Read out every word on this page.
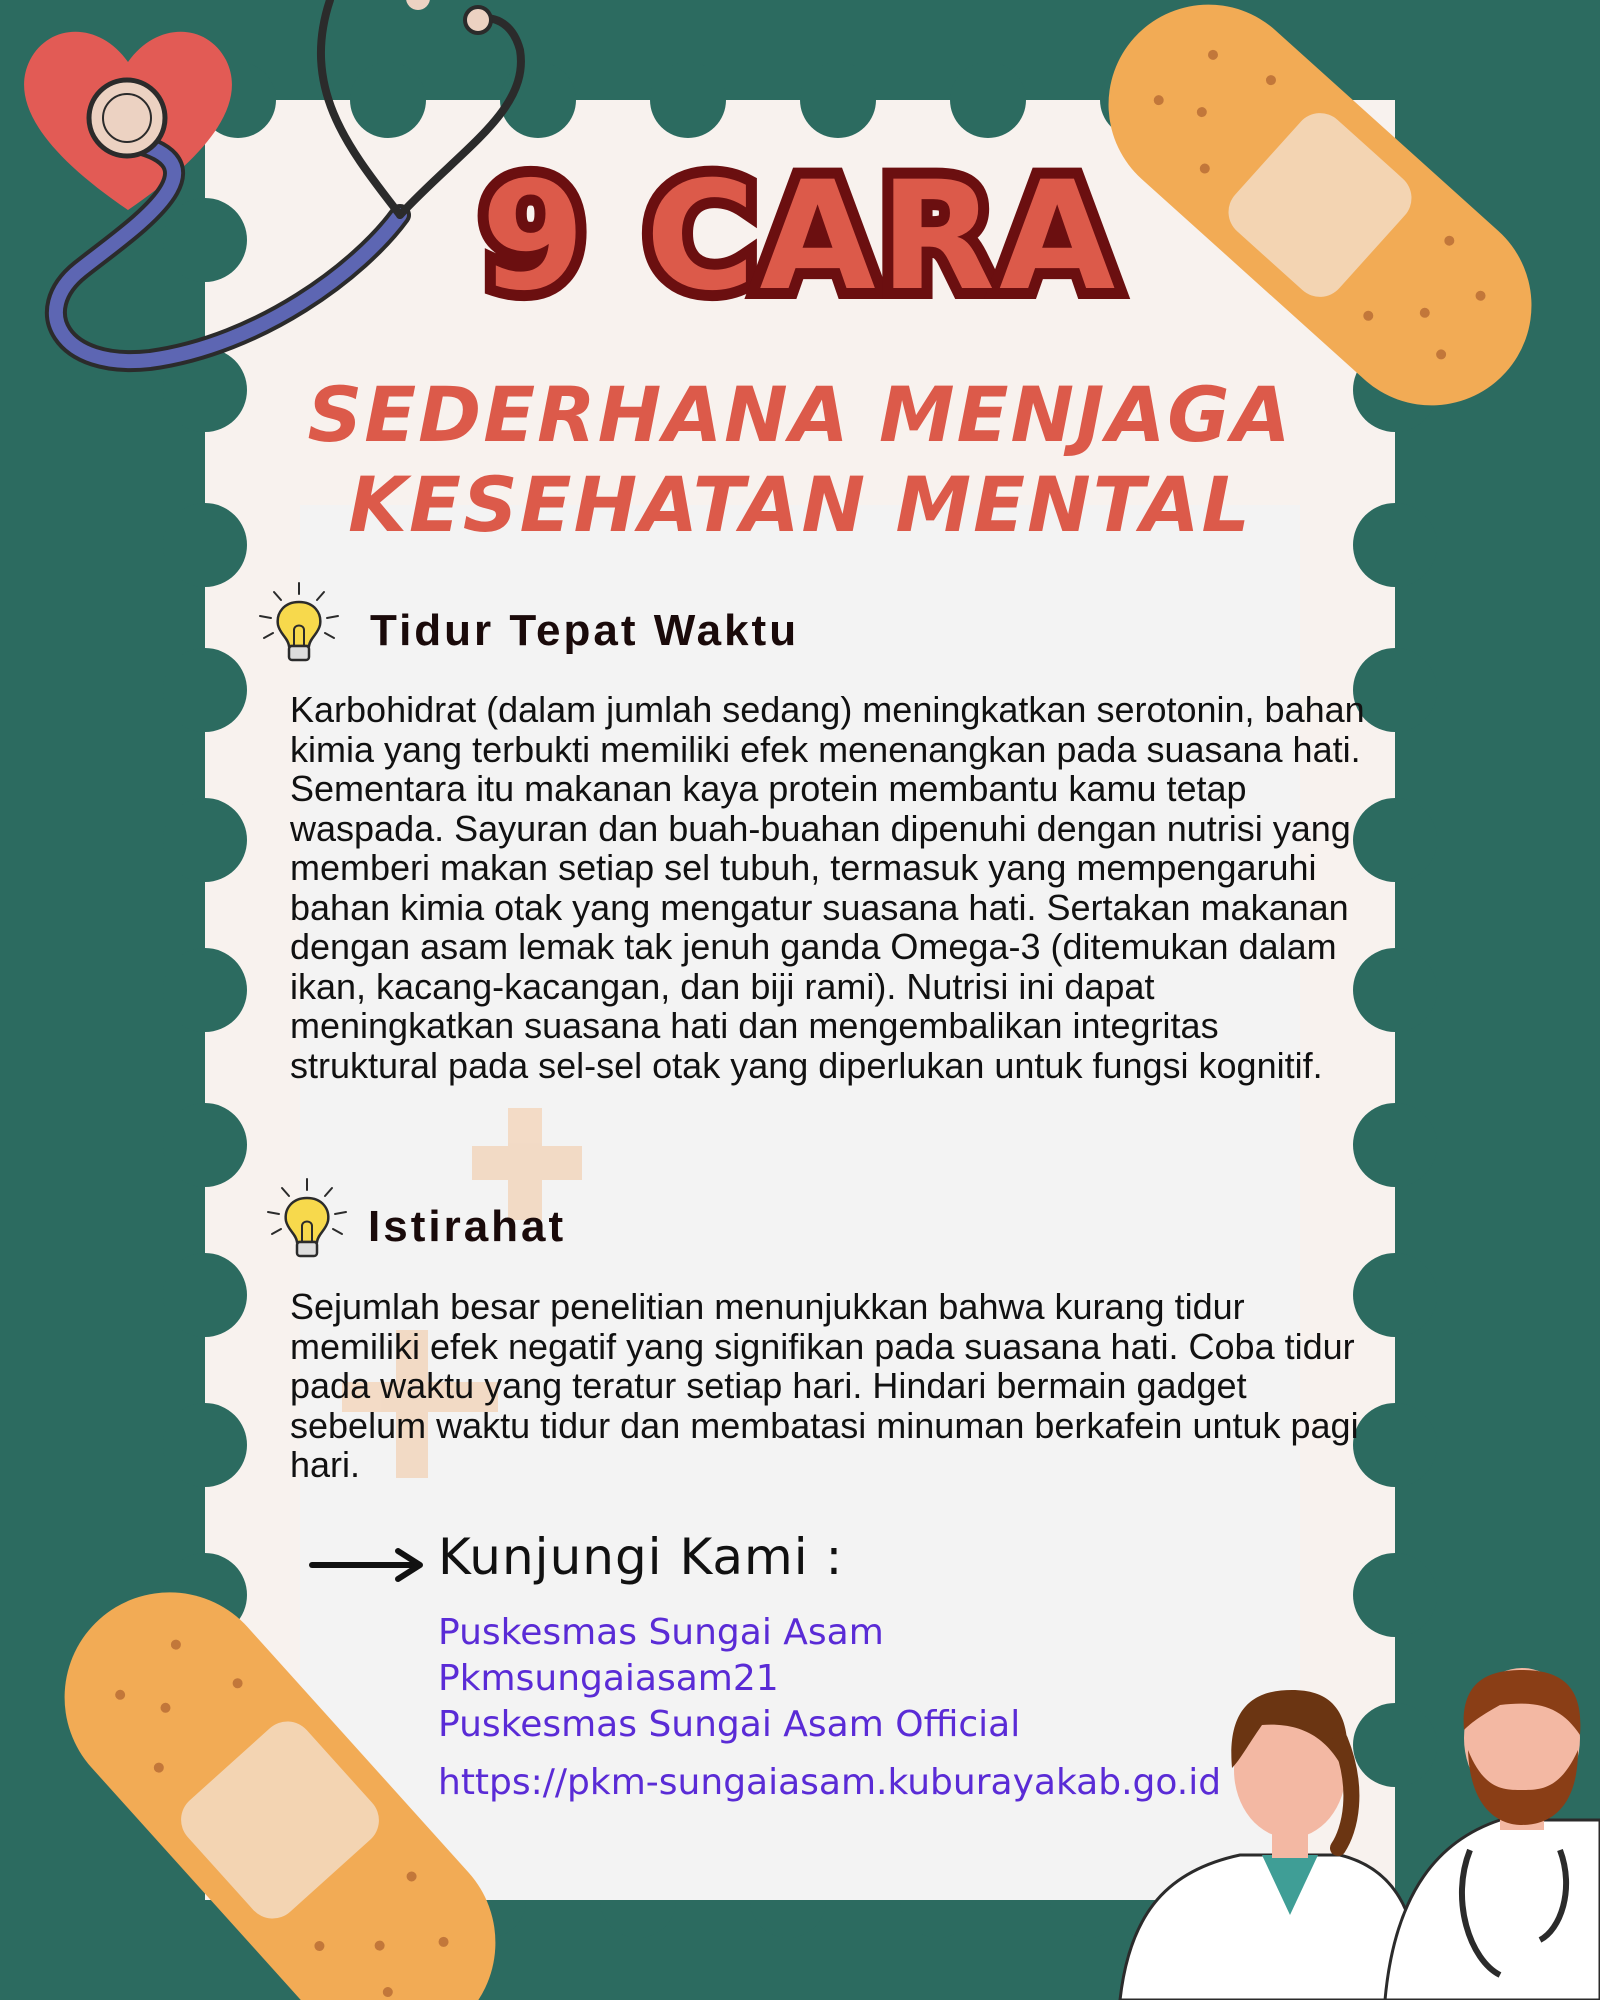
9 CARA
SEDERHANA MENJAGA
KESEHATAN MENTAL
Tidur Tepat Waktu

Karbohidrat (dalam jumlah sedang) meningkatkan serotonin, bahan kimia yang terbukti memiliki efek menenangkan pada suasana hati. Sementara itu makanan kaya protein membantu kamu tetap waspada. Sayuran dan buah-buahan dipenuhi dengan nutrisi yang memberi makan setiap sel tubuh, termasuk yang mempengaruhi bahan kimia otak yang mengatur suasana hati. Sertakan makanan dengan asam lemak tak jenuh ganda Omega-3 (ditemukan dalam ikan, kacang-kacangan, dan biji rami). Nutrisi ini dapat meningkatkan suasana hati dan mengembalikan integritas struktural pada sel-sel otak yang diperlukan untuk fungsi kognitif.

Istirahat

Sejumlah besar penelitian menunjukkan bahwa kurang tidur memiliki efek negatif yang signifikan pada suasana hati. Coba tidur pada waktu yang teratur setiap hari. Hindari bermain gadget sebelum waktu tidur dan membatasi minuman berkafein untuk pagi hari.

Kunjungi Kami :
Puskesmas Sungai Asam
Pkmsungaiasam21
Puskesmas Sungai Asam Official
https://pkm-sungaiasam.kuburayakab.go.id
